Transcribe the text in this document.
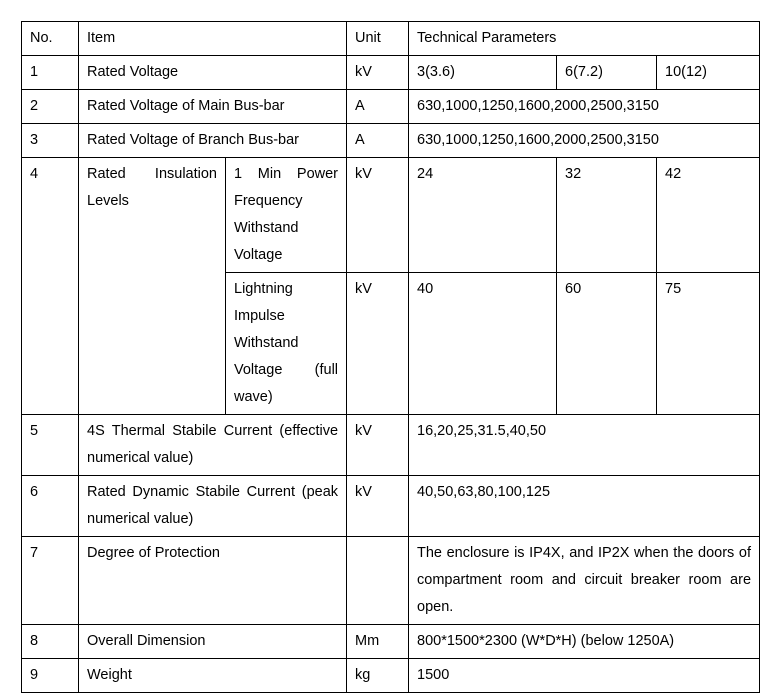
No.	Item		Unit	Technical Parameters		
1	Rated Voltage		kV	3(3.6)	6(7.2)	10(12)
2	Rated Voltage of Main Bus-bar		A	630,1000,1250,1600,2000,2500,3150		
3	Rated Voltage of Branch Bus-bar		A	630,1000,1250,1600,2000,2500,3150		
4	Rated Insulation Levels	1 Min Power Frequency Withstand Voltage	kV	24	32	42
		Lightning Impulse Withstand Voltage (full wave)	kV	40	60	75
5	4S Thermal Stabile Current (effective numerical value)		kV	16,20,25,31.5,40,50		
6	Rated Dynamic Stabile Current (peak numerical value)		kV	40,50,63,80,100,125		
7	Degree of Protection			The enclosure is IP4X, and IP2X when the doors of compartment room and circuit breaker room are open.		
8	Overall Dimension		Mm	800*1500*2300 (W*D*H) (below 1250A)		
9	Weight		kg	1500		
